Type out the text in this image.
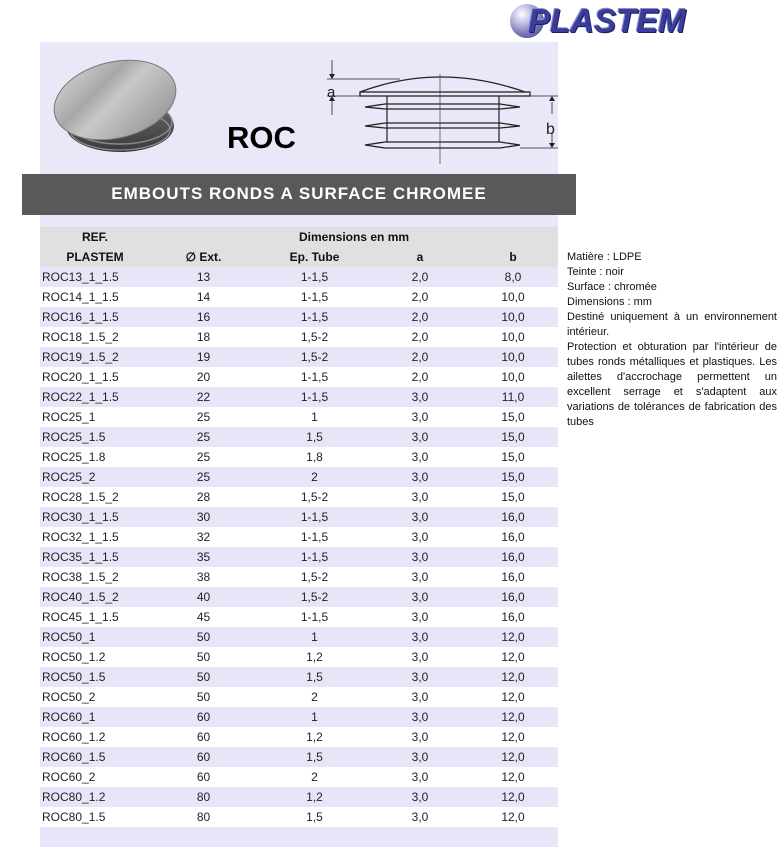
PLASTEM
ROC
a
b
EMBOUTS RONDS A SURFACE CHROMEE
REF.	Dimensions en mm			
PLASTEM	∅ Ext.	Ep. Tube	a	b
ROC13_1_1.5	13	1-1,5	2,0	8,0
ROC14_1_1.5	14	1-1,5	2,0	10,0
ROC16_1_1.5	16	1-1,5	2,0	10,0
ROC18_1.5_2	18	1,5-2	2,0	10,0
ROC19_1.5_2	19	1,5-2	2,0	10,0
ROC20_1_1.5	20	1-1,5	2,0	10,0
ROC22_1_1.5	22	1-1,5	3,0	11,0
ROC25_1	25	1	3,0	15,0
ROC25_1.5	25	1,5	3,0	15,0
ROC25_1.8	25	1,8	3,0	15,0
ROC25_2	25	2	3,0	15,0
ROC28_1.5_2	28	1,5-2	3,0	15,0
ROC30_1_1.5	30	1-1,5	3,0	16,0
ROC32_1_1.5	32	1-1,5	3,0	16,0
ROC35_1_1.5	35	1-1,5	3,0	16,0
ROC38_1.5_2	38	1,5-2	3,0	16,0
ROC40_1.5_2	40	1,5-2	3,0	16,0
ROC45_1_1.5	45	1-1,5	3,0	16,0
ROC50_1	50	1	3,0	12,0
ROC50_1.2	50	1,2	3,0	12,0
ROC50_1.5	50	1,5	3,0	12,0
ROC50_2	50	2	3,0	12,0
ROC60_1	60	1	3,0	12,0
ROC60_1.2	60	1,2	3,0	12,0
ROC60_1.5	60	1,5	3,0	12,0
ROC60_2	60	2	3,0	12,0
ROC80_1.2	80	1,2	3,0	12,0
ROC80_1.5	80	1,5	3,0	12,0

Matière : LDPE
Teinte : noir
Surface : chromée
Dimensions : mm
Destiné uniquement à un environnement intérieur.
Protection et obturation par l'intérieur de tubes ronds métalliques et plastiques. Les ailettes d'accrochage permettent un excellent serrage et s'adaptent aux variations de tolérances de fabrication des tubes
